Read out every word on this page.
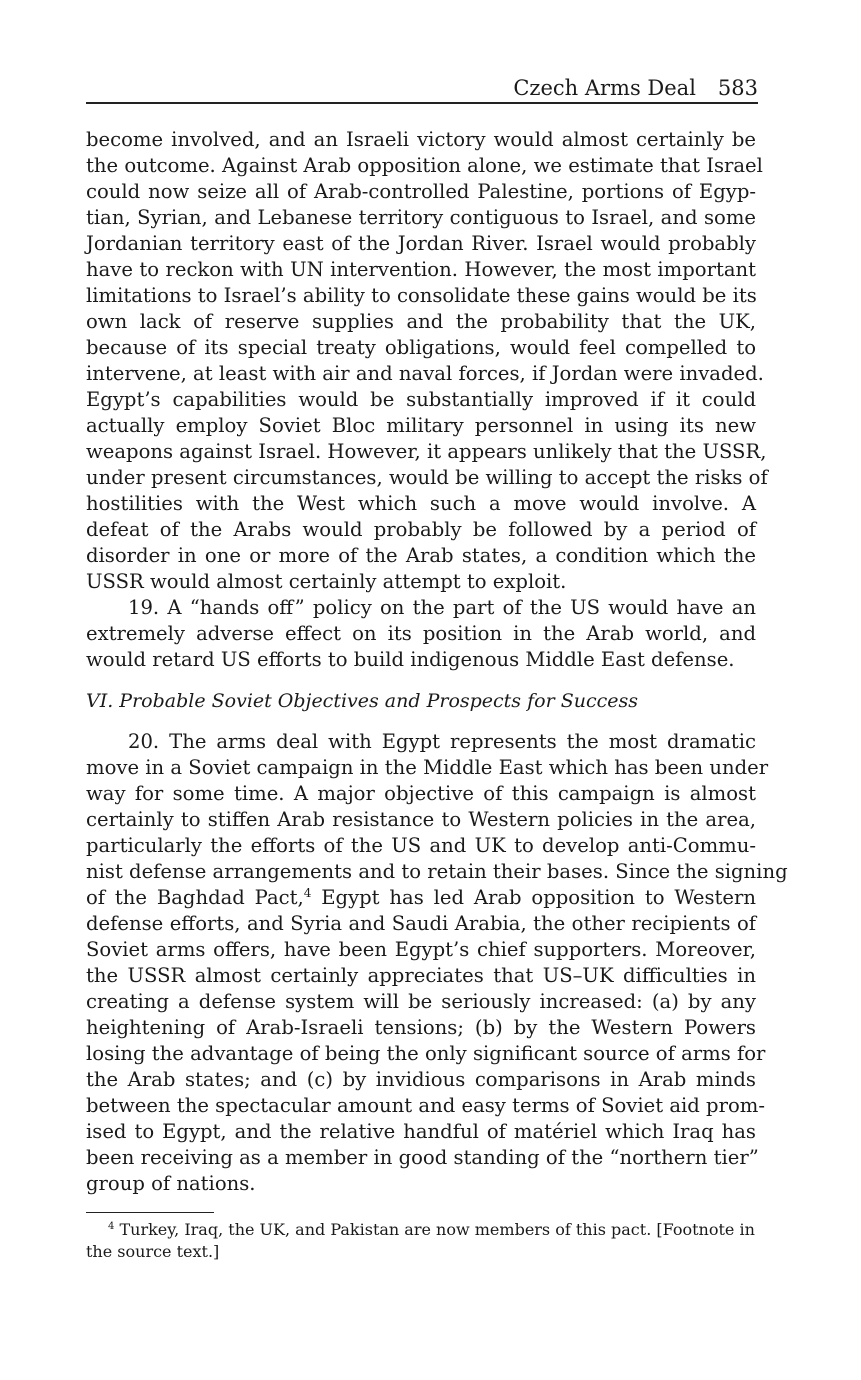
Czech Arms Deal 583
become involved, and an Israeli victory would almost certainly be
the outcome. Against Arab opposition alone, we estimate that Israel
could now seize all of Arab-controlled Palestine, portions of Egyp-
tian, Syrian, and Lebanese territory contiguous to Israel, and some
Jordanian territory east of the Jordan River. Israel would probably
have to reckon with UN intervention. However, the most important
limitations to Israel’s ability to consolidate these gains would be its
own lack of reserve supplies and the probability that the UK,
because of its special treaty obligations, would feel compelled to
intervene, at least with air and naval forces, if Jordan were invaded.
Egypt’s capabilities would be substantially improved if it could
actually employ Soviet Bloc military personnel in using its new
weapons against Israel. However, it appears unlikely that the USSR,
under present circumstances, would be willing to accept the risks of
hostilities with the West which such a move would involve. A
defeat of the Arabs would probably be followed by a period of
disorder in one or more of the Arab states, a condition which the
USSR would almost certainly attempt to exploit.
19. A “hands off” policy on the part of the US would have an
extremely adverse effect on its position in the Arab world, and
would retard US efforts to build indigenous Middle East defense.
VI. Probable Soviet Objectives and Prospects for Success
20. The arms deal with Egypt represents the most dramatic
move in a Soviet campaign in the Middle East which has been under
way for some time. A major objective of this campaign is almost
certainly to stiffen Arab resistance to Western policies in the area,
particularly the efforts of the US and UK to develop anti-Commu-
nist defense arrangements and to retain their bases. Since the signing
of the Baghdad Pact,$^4$ Egypt has led Arab opposition to Western
defense efforts, and Syria and Saudi Arabia, the other recipients of
Soviet arms offers, have been Egypt’s chief supporters. Moreover,
the USSR almost certainly appreciates that US–UK difficulties in
creating a defense system will be seriously increased: (a) by any
heightening of Arab-Israeli tensions; (b) by the Western Powers
losing the advantage of being the only significant source of arms for
the Arab states; and (c) by invidious comparisons in Arab minds
between the spectacular amount and easy terms of Soviet aid prom-
ised to Egypt, and the relative handful of matériel which Iraq has
been receiving as a member in good standing of the “northern tier”
group of nations.
$^4$ Turkey, Iraq, the UK, and Pakistan are now members of this pact. [Footnote in
the source text.]
